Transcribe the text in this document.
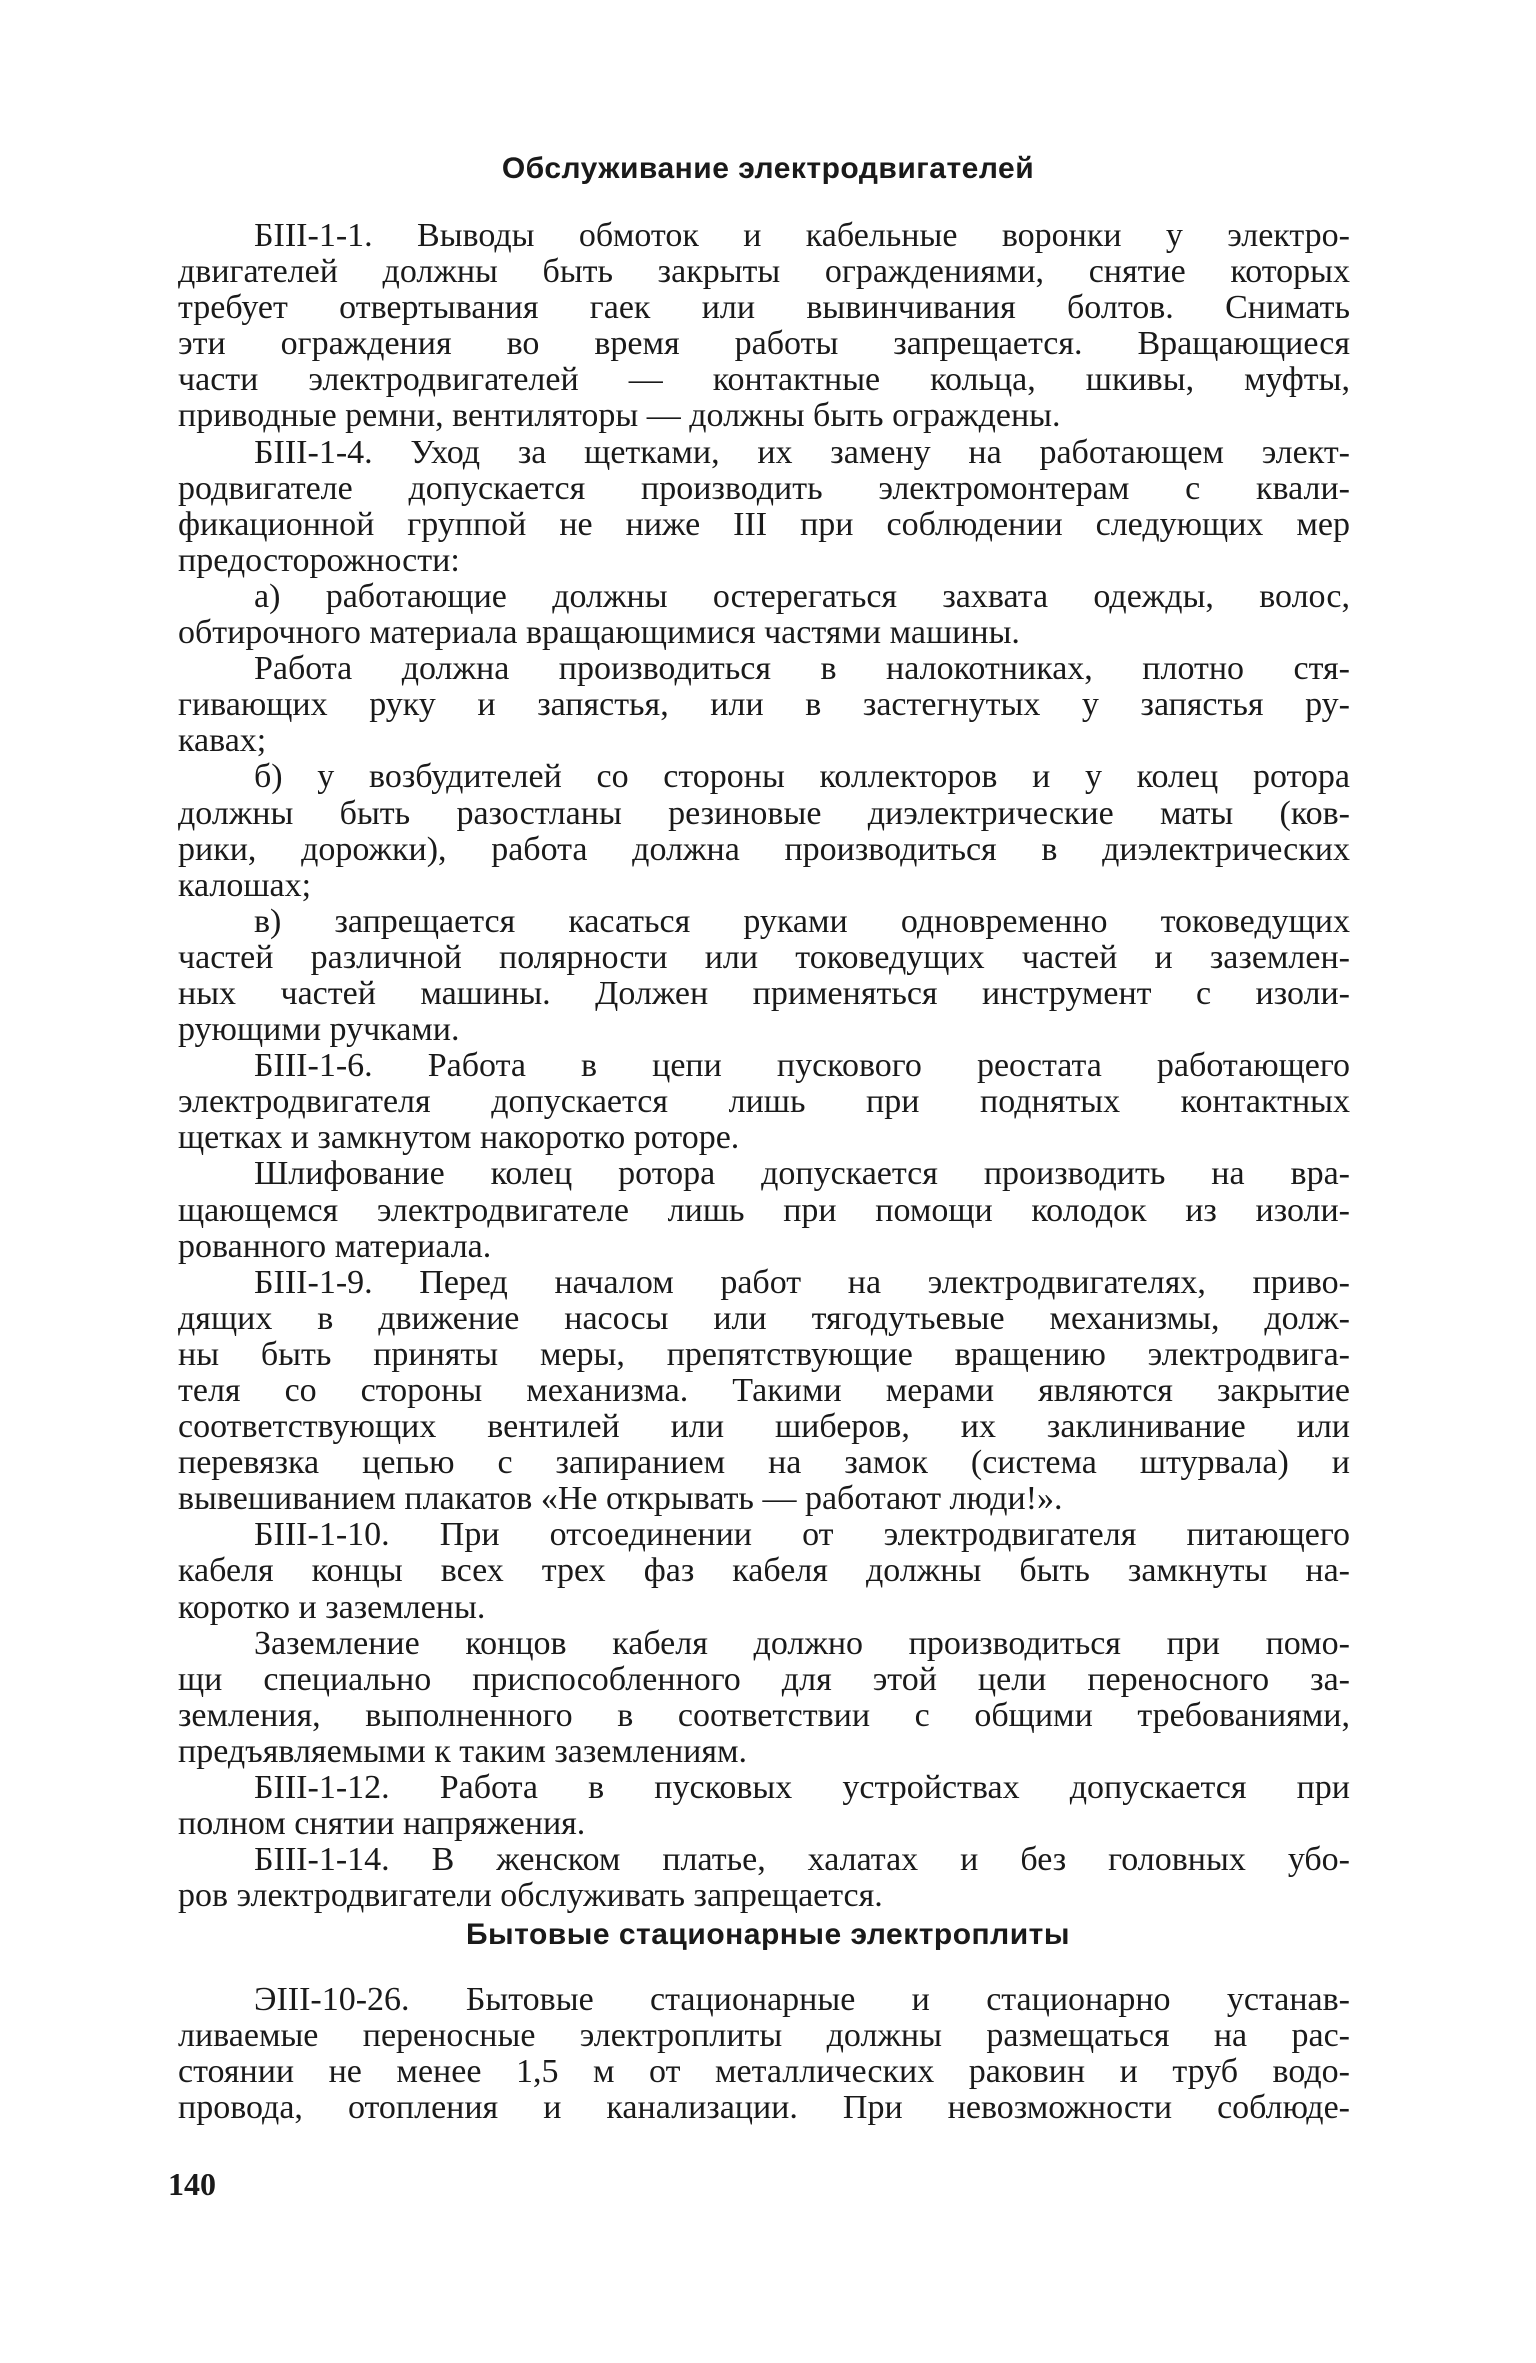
Обслуживание электродвигателей
БIII-1-1. Выводы обмоток и кабельные воронки у электро-
двигателей должны быть закрыты ограждениями, снятие которых
требует отвертывания гаек или вывинчивания болтов. Снимать
эти ограждения во время работы запрещается. Вращающиеся
части электродвигателей — контактные кольца, шкивы, муфты,
приводные ремни, вентиляторы — должны быть ограждены.
БIII-1-4. Уход за щетками, их замену на работающем элект-
родвигателе допускается производить электромонтерам с квали-
фикационной группой не ниже III при соблюдении следующих мер
предосторожности:
а) работающие должны остерегаться захвата одежды, волос,
обтирочного материала вращающимися частями машины.
Работа должна производиться в налокотниках, плотно стя-
гивающих руку и запястья, или в застегнутых у запястья ру-
кавах;
б) у возбудителей со стороны коллекторов и у колец ротора
должны быть разостланы резиновые диэлектрические маты (ков-
рики, дорожки), работа должна производиться в диэлектрических
калошах;
в) запрещается касаться руками одновременно токоведущих
частей различной полярности или токоведущих частей и заземлен-
ных частей машины. Должен применяться инструмент с изоли-
рующими ручками.
БIII-1-6. Работа в цепи пускового реостата работающего
электродвигателя допускается лишь при поднятых контактных
щетках и замкнутом накоротко роторе.
Шлифование колец ротора допускается производить на вра-
щающемся электродвигателе лишь при помощи колодок из изоли-
рованного материала.
БIII-1-9. Перед началом работ на электродвигателях, приво-
дящих в движение насосы или тягодутьевые механизмы, долж-
ны быть приняты меры, препятствующие вращению электродвига-
теля со стороны механизма. Такими мерами являются закрытие
соответствующих вентилей или шиберов, их заклинивание или
перевязка цепью с запиранием на замок (система штурвала) и
вывешиванием плакатов «Не открывать — работают люди!».
БIII-1-10. При отсоединении от электродвигателя питающего
кабеля концы всех трех фаз кабеля должны быть замкнуты на-
коротко и заземлены.
Заземление концов кабеля должно производиться при помо-
щи специально приспособленного для этой цели переносного за-
земления, выполненного в соответствии с общими требованиями,
предъявляемыми к таким заземлениям.
БIII-1-12. Работа в пусковых устройствах допускается при
полном снятии напряжения.
БIII-1-14. В женском платье, халатах и без головных убо-
ров электродвигатели обслуживать запрещается.
Бытовые стационарные электроплиты
ЭIII-10-26. Бытовые стационарные и стационарно устанав-
ливаемые переносные электроплиты должны размещаться на рас-
стоянии не менее 1,5 м от металлических раковин и труб водо-
провода, отопления и канализации. При невозможности соблюде-
140
